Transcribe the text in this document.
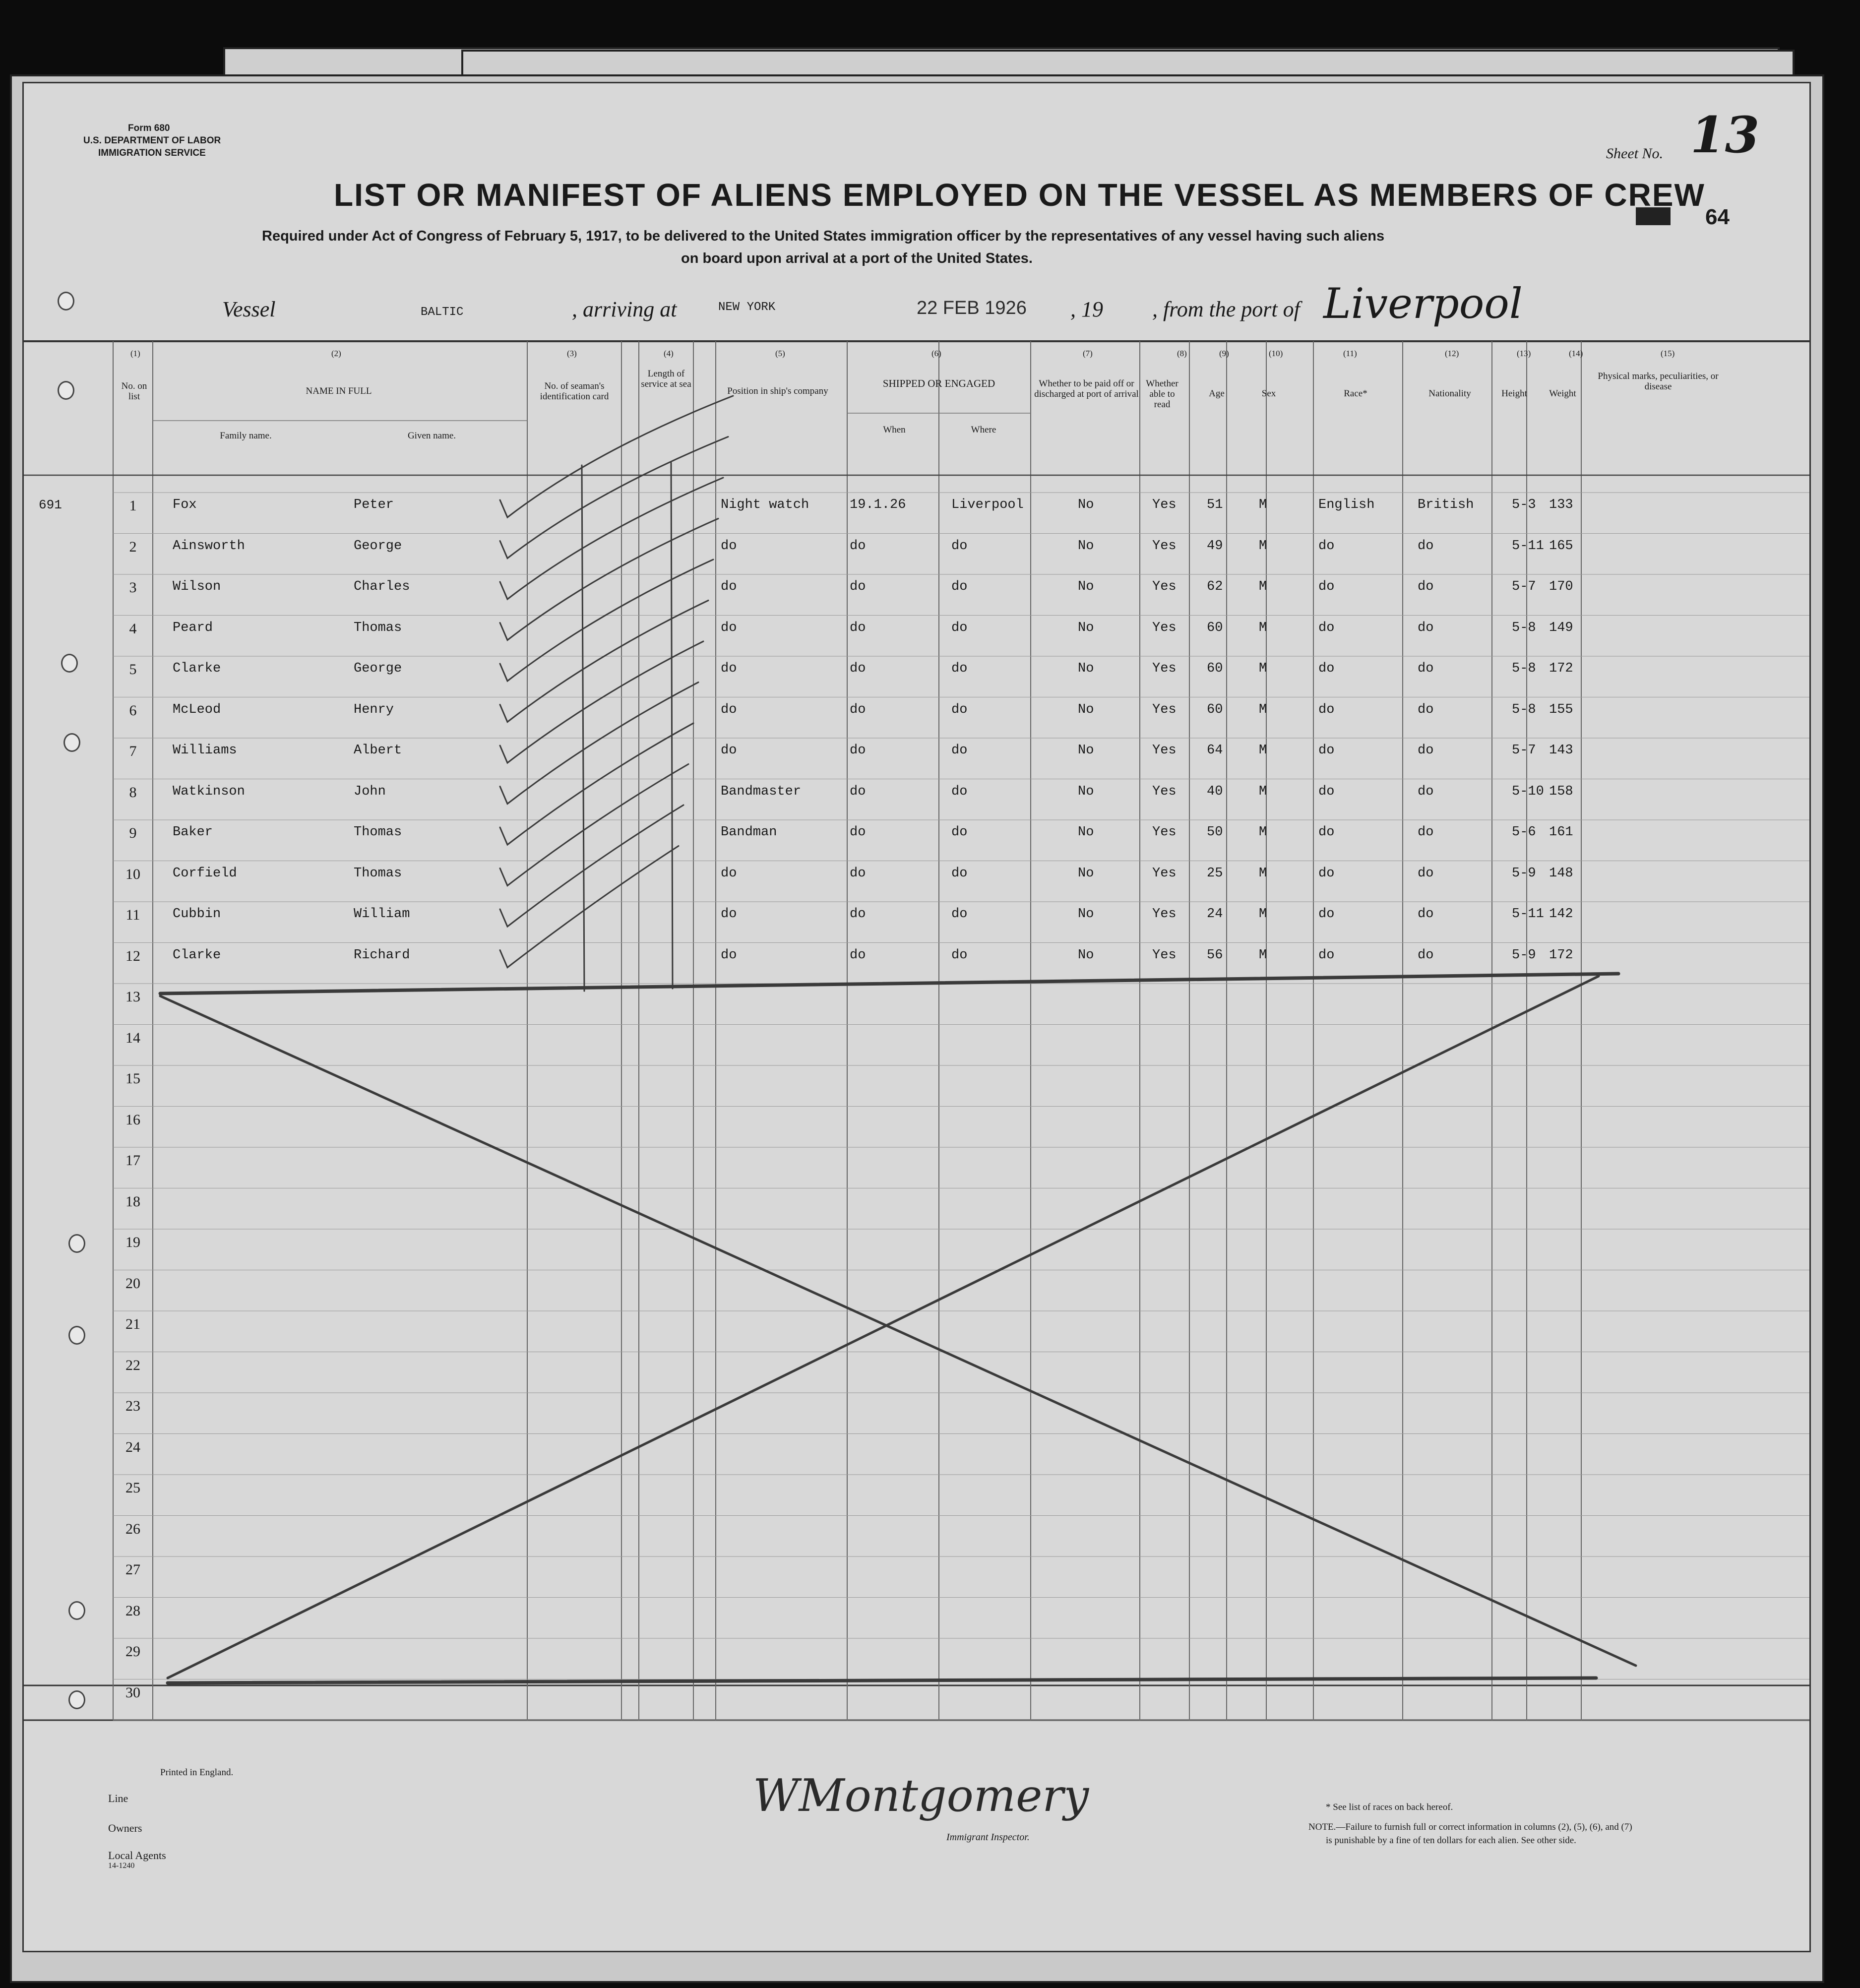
Form 680
U.S. DEPARTMENT OF LABOR
IMMIGRATION SERVICE	Sheet No. 13
64
LIST OR MANIFEST OF ALIENS EMPLOYED ON THE VESSEL AS MEMBERS OF CREW
Required under Act of Congress of February 5, 1917, to be delivered to the United States immigration officer by the representatives of any vessel having such aliens
on board upon arrival at a port of the United States.
Vessel	BALTIC	, arriving at	NEW YORK	22 FEB 1926 , 19 , from the port of Liverpool
(1)	(2)	(3)	(4)	(5)	(6)	(7)	(8)	(9)	(10)	(11)	(12)	(13)	(14)	(15)
No. on list
NAME IN FULL
Family name.	Given name.
No. of seaman's identification card
Length of service at sea
Position in ship's company
SHIPPED OR ENGAGED
When	Where
Whether to be paid off or discharged at port of arrival
Whether able to read
Age	Sex	Race*	Nationality	Height	Weight
Physical marks, peculiarities, or disease
691	1	Fox	Peter	Night watch	19.1.26	Liverpool	No	Yes 51	M	English	British	5-3 133
2	Ainsworth	George	do	do	do	No	Yes 49	M	do	do	5-11 165
3	Wilson	Charles	do	do	do	No	Yes 62	M	do	do	5-7 170
4	Peard	Thomas	do	do	do	No	Yes 60	M	do	do	5-8 149
5	Clarke	George	do	do	do	No	Yes 60	M	do	do	5-8 172
6	McLeod	Henry	do	do	do	No	Yes 60	M	do	do	5-8 155
7	Williams	Albert	do	do	do	No	Yes 64	M	do	do	5-7 143
8	Watkinson	John	Bandmaster	do	do	No	Yes 40	M	do	do	5-10 158
9	Baker	Thomas	Bandman	do	do	No	Yes 50	M	do	do	5-6 161
10	Corfield	Thomas	do	do	do	No	Yes 25	M	do	do	5-9 148
11	Cubbin	William	do	do	do	No	Yes 24	M	do	do	5-11 142
12	Clarke	Richard	do	do	do	No	Yes 56	M	do	do	5-9 172
13
14
15
16
17
18
19
20
21
22
23
24
25
26
27
28
29
30
Printed in England.
Line
Owners
Local Agents
14-1240
WMontgomery
Immigrant Inspector.
* See list of races on back hereof.
NOTE.—Failure to furnish full or correct information in columns (2), (5), (6), and (7)
is punishable by a fine of ten dollars for each alien. See other side.
